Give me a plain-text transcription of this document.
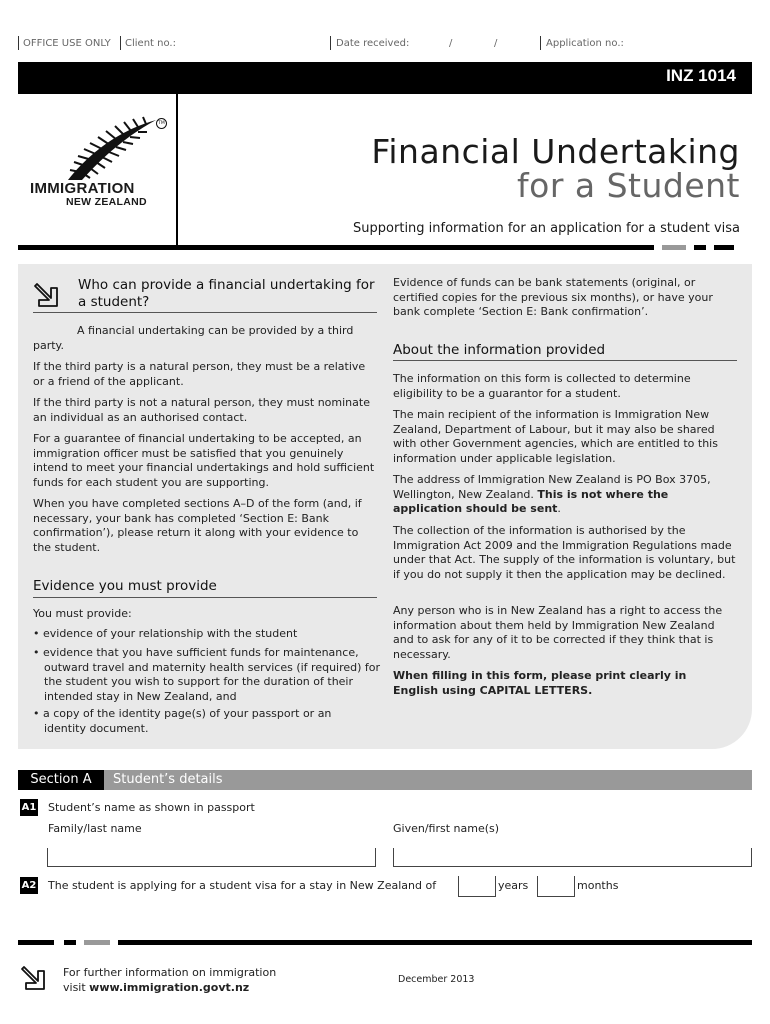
OFFICE USE ONLY Client no.:	Date received:	/	/	Application no.:
INZ 1014
TM
IMMIGRATION
NEW ZEALAND
Financial Undertaking
for a Student
Supporting information for an application for a student visa
Who can provide a financial undertaking for a student?
A financial undertaking can be provided by a third party.
If the third party is a natural person, they must be a relative or a friend of the applicant.
If the third party is not a natural person, they must nominate an individual as an authorised contact.
For a guarantee of financial undertaking to be accepted, an immigration officer must be satisfied that you genuinely intend to meet your financial undertakings and hold sufficient funds for each student you are supporting.
When you have completed sections A–D of the form (and, if necessary, your bank has completed ‘Section E: Bank confirmation’), please return it along with your evidence to the student.
Evidence you must provide
You must provide:
• evidence of your relationship with the student
• evidence that you have sufficient funds for maintenance, outward travel and maternity health services (if required) for the student you wish to support for the duration of their intended stay in New Zealand, and
• a copy of the identity page(s) of your passport or an identity document.
Evidence of funds can be bank statements (original, or certified copies for the previous six months), or have your bank complete ‘Section E: Bank confirmation’.
About the information provided
The information on this form is collected to determine eligibility to be a guarantor for a student.
The main recipient of the information is Immigration New Zealand, Department of Labour, but it may also be shared with other Government agencies, which are entitled to this information under applicable legislation.
The address of Immigration New Zealand is PO Box 3705, Wellington, New Zealand. This is not where the application should be sent.
The collection of the information is authorised by the Immigration Act 2009 and the Immigration Regulations made under that Act. The supply of the information is voluntary, but if you do not supply it then the application may be declined.
Any person who is in New Zealand has a right to access the information about them held by Immigration New Zealand and to ask for any of it to be corrected if they think that is necessary.
When filling in this form, please print clearly in English using CAPITAL LETTERS.
Section A	Student’s details
A1 Student’s name as shown in passport
Family/last name	Given/first name(s)
A2 The student is applying for a student visa for a stay in New Zealand of	years	months
For further information on immigration
visit www.immigration.govt.nz
December 2013
